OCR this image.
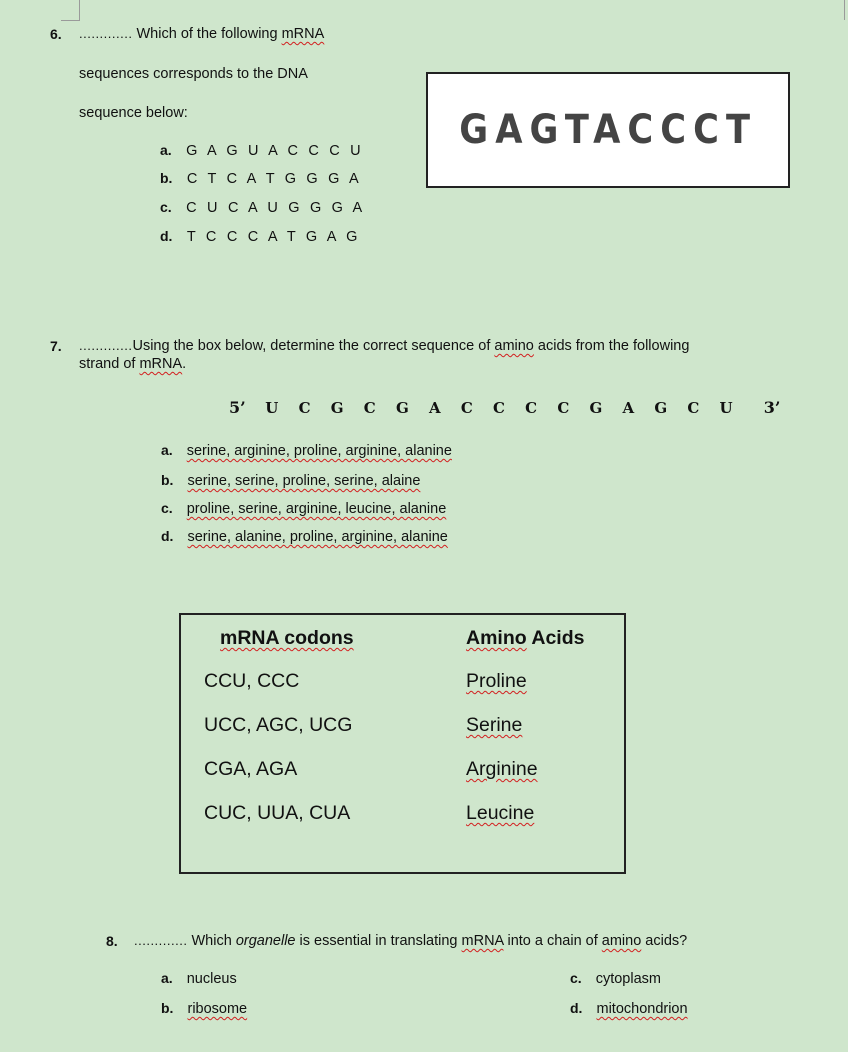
6. ............. Which of the following mRNA
sequences corresponds to the DNA
sequence below:	GAGTACCCT
a. G A G U A C C C U
b. C T C A T G G G A
c. C U C A U G G G A
d. T C C C A T G A G
7. .............Using the box below, determine the correct sequence of amino acids from the following
strand of mRNA.
5’ U C G C G A C C C C G A G C U 3’
a. serine, arginine, proline, arginine, alanine
b. serine, serine, proline, serine, alaine
c. proline, serine, arginine, leucine, alanine
d. serine, alanine, proline, arginine, alanine
mRNA codons	Amino Acids
CCU, CCC	Proline
UCC, AGC, UCG	Serine
CGA, AGA	Arginine
CUC, UUA, CUA	Leucine
8. ............. Which organelle is essential in translating mRNA into a chain of amino acids?
a. nucleus
b. ribosome
c. cytoplasm
d. mitochondrion
